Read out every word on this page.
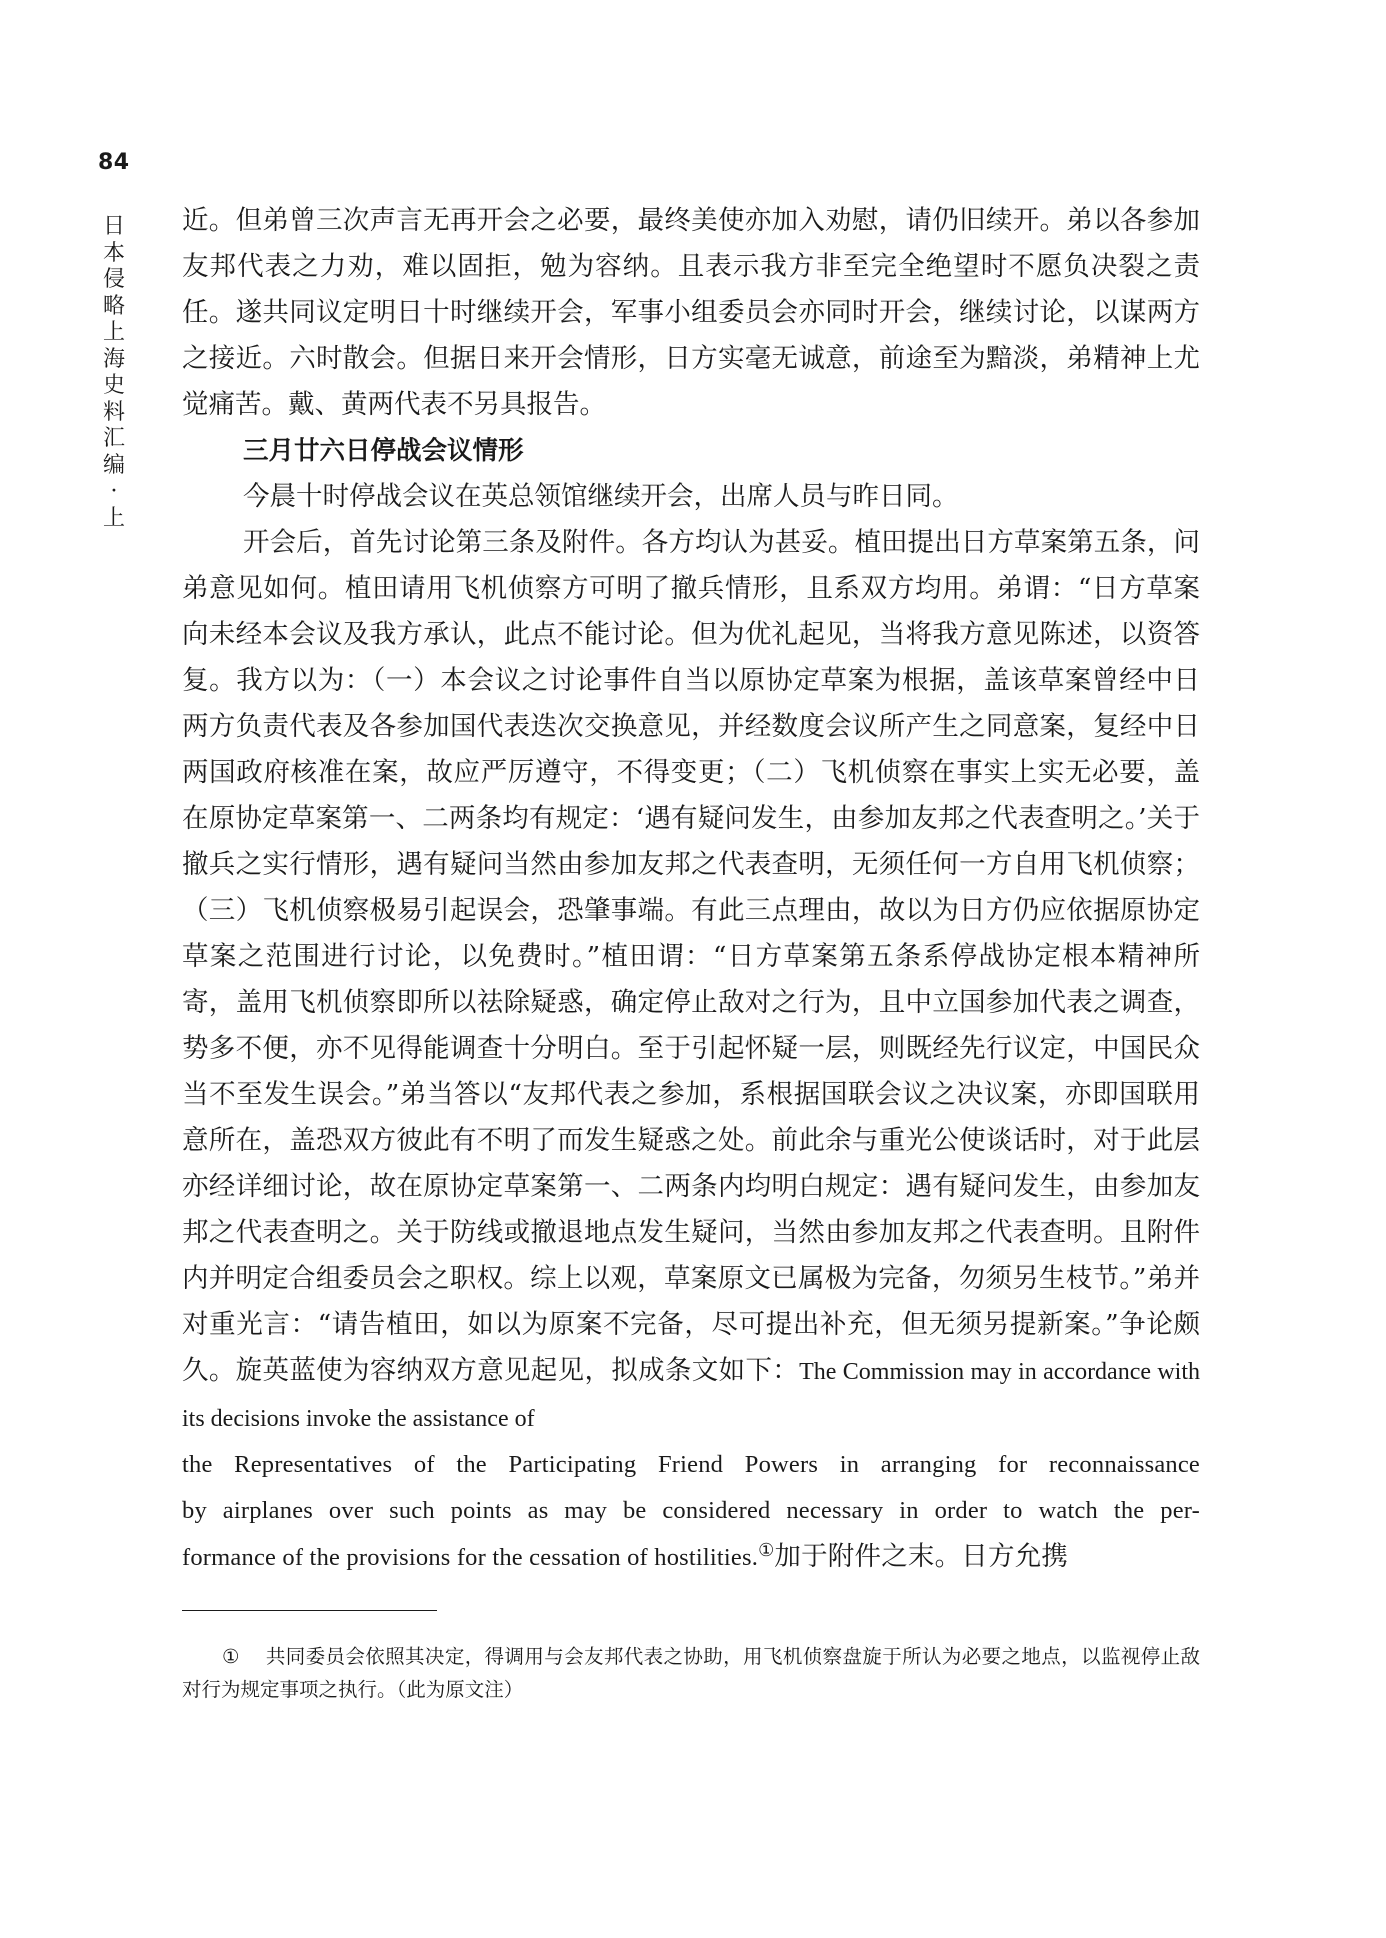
84
日本侵略上海史料汇编·上

近。但弟曾三次声言无再开会之必要，最终美使亦加入劝慰，请仍旧续开。弟以各参加友邦代表之力劝，难以固拒，勉为容纳。且表示我方非至完全绝望时不愿负决裂之责任。遂共同议定明日十时继续开会，军事小组委员会亦同时开会，继续讨论，以谋两方之接近。六时散会。但据日来开会情形，日方实毫无诚意，前途至为黯淡，弟精神上尤觉痛苦。戴、黄两代表不另具报告。

三月廿六日停战会议情形

今晨十时停战会议在英总领馆继续开会，出席人员与昨日同。

开会后，首先讨论第三条及附件。各方均认为甚妥。植田提出日方草案第五条，问弟意见如何。植田请用飞机侦察方可明了撤兵情形，且系双方均用。弟谓：“日方草案向未经本会议及我方承认，此点不能讨论。但为优礼起见，当将我方意见陈述，以资答复。我方以为：（一）本会议之讨论事件自当以原协定草案为根据，盖该草案曾经中日两方负责代表及各参加国代表迭次交换意见，并经数度会议所产生之同意案，复经中日两国政府核准在案，故应严厉遵守，不得变更；（二）飞机侦察在事实上实无必要，盖在原协定草案第一、二两条均有规定：‘遇有疑问发生，由参加友邦之代表查明之。’关于撤兵之实行情形，遇有疑问当然由参加友邦之代表查明，无须任何一方自用飞机侦察；（三）飞机侦察极易引起误会，恐肇事端。有此三点理由，故以为日方仍应依据原协定草案之范围进行讨论，以免费时。”植田谓：“日方草案第五条系停战协定根本精神所寄，盖用飞机侦察即所以祛除疑惑，确定停止敌对之行为，且中立国参加代表之调查，势多不便，亦不见得能调查十分明白。至于引起怀疑一层，则既经先行议定，中国民众当不至发生误会。”弟当答以“友邦代表之参加，系根据国联会议之决议案，亦即国联用意所在，盖恐双方彼此有不明了而发生疑惑之处。前此余与重光公使谈话时，对于此层亦经详细讨论，故在原协定草案第一、二两条内均明白规定：遇有疑问发生，由参加友邦之代表查明之。关于防线或撤退地点发生疑问，当然由参加友邦之代表查明。且附件内并明定合组委员会之职权。综上以观，草案原文已属极为完备，勿须另生枝节。”弟并对重光言：“请告植田，如以为原案不完备，尽可提出补充，但无须另提新案。”争论颇久。旋英蓝使为容纳双方意见起见，拟成条文如下：The Commission may in accordance with its decisions invoke the assistance of

the Representatives of the Participating Friend Powers in arranging for reconnaissance

by airplanes over such points as may be considered necessary in order to watch the per-

formance of the provisions for the cessation of hostilities.①加于附件之末。日方允携

① 共同委员会依照其决定，得调用与会友邦代表之协助，用飞机侦察盘旋于所认为必要之地点，以监视停止敌对行为规定事项之执行。（此为原文注）
